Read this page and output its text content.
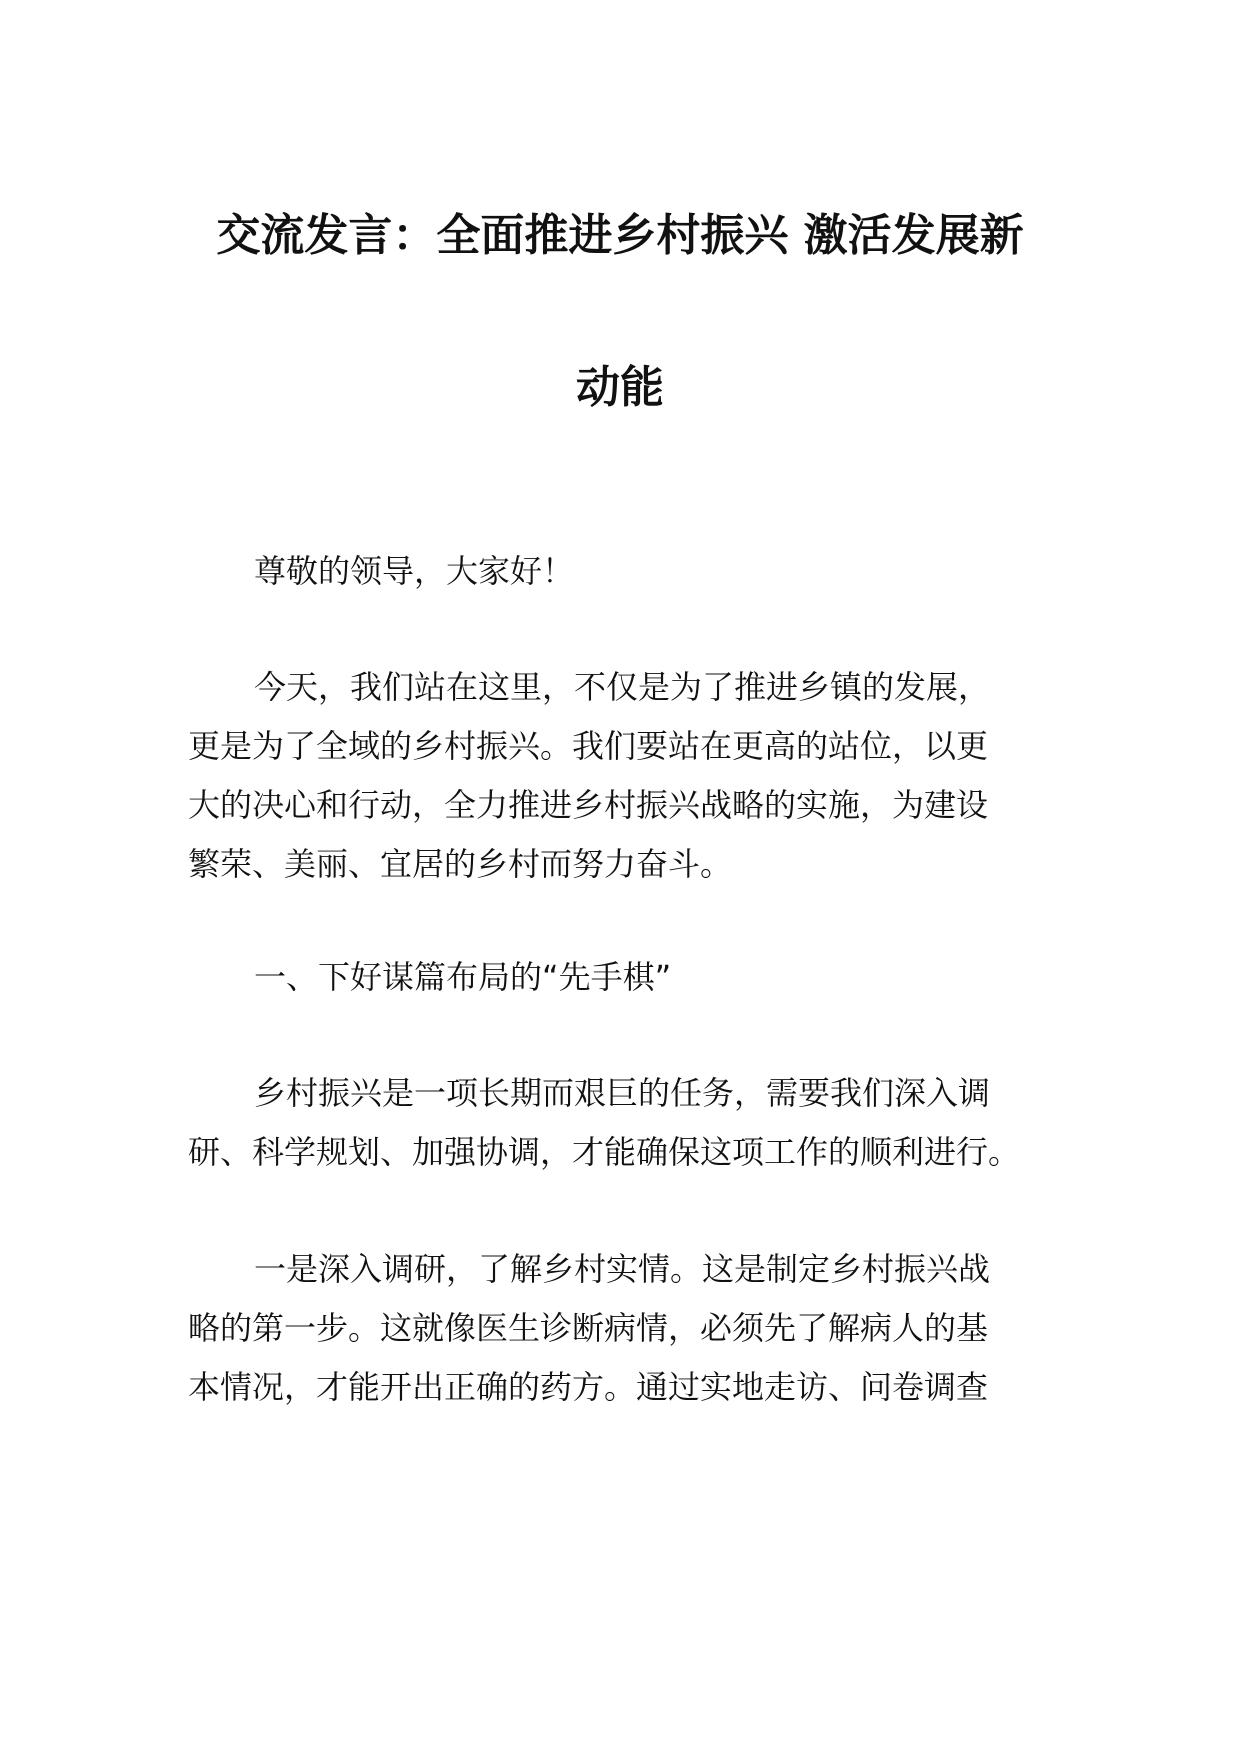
交流发言：全面推进乡村振兴 激活发展新
动能
尊敬的领导，大家好！
今天，我们站在这里，不仅是为了推进乡镇的发展，
更是为了全域的乡村振兴。我们要站在更高的站位，以更
大的决心和行动，全力推进乡村振兴战略的实施，为建设
繁荣、美丽、宜居的乡村而努力奋斗。
一、下好谋篇布局的“先手棋”
乡村振兴是一项长期而艰巨的任务，需要我们深入调
研、科学规划、加强协调，才能确保这项工作的顺利进行。
一是深入调研，了解乡村实情。这是制定乡村振兴战
略的第一步。这就像医生诊断病情，必须先了解病人的基
本情况，才能开出正确的药方。通过实地走访、问卷调查
